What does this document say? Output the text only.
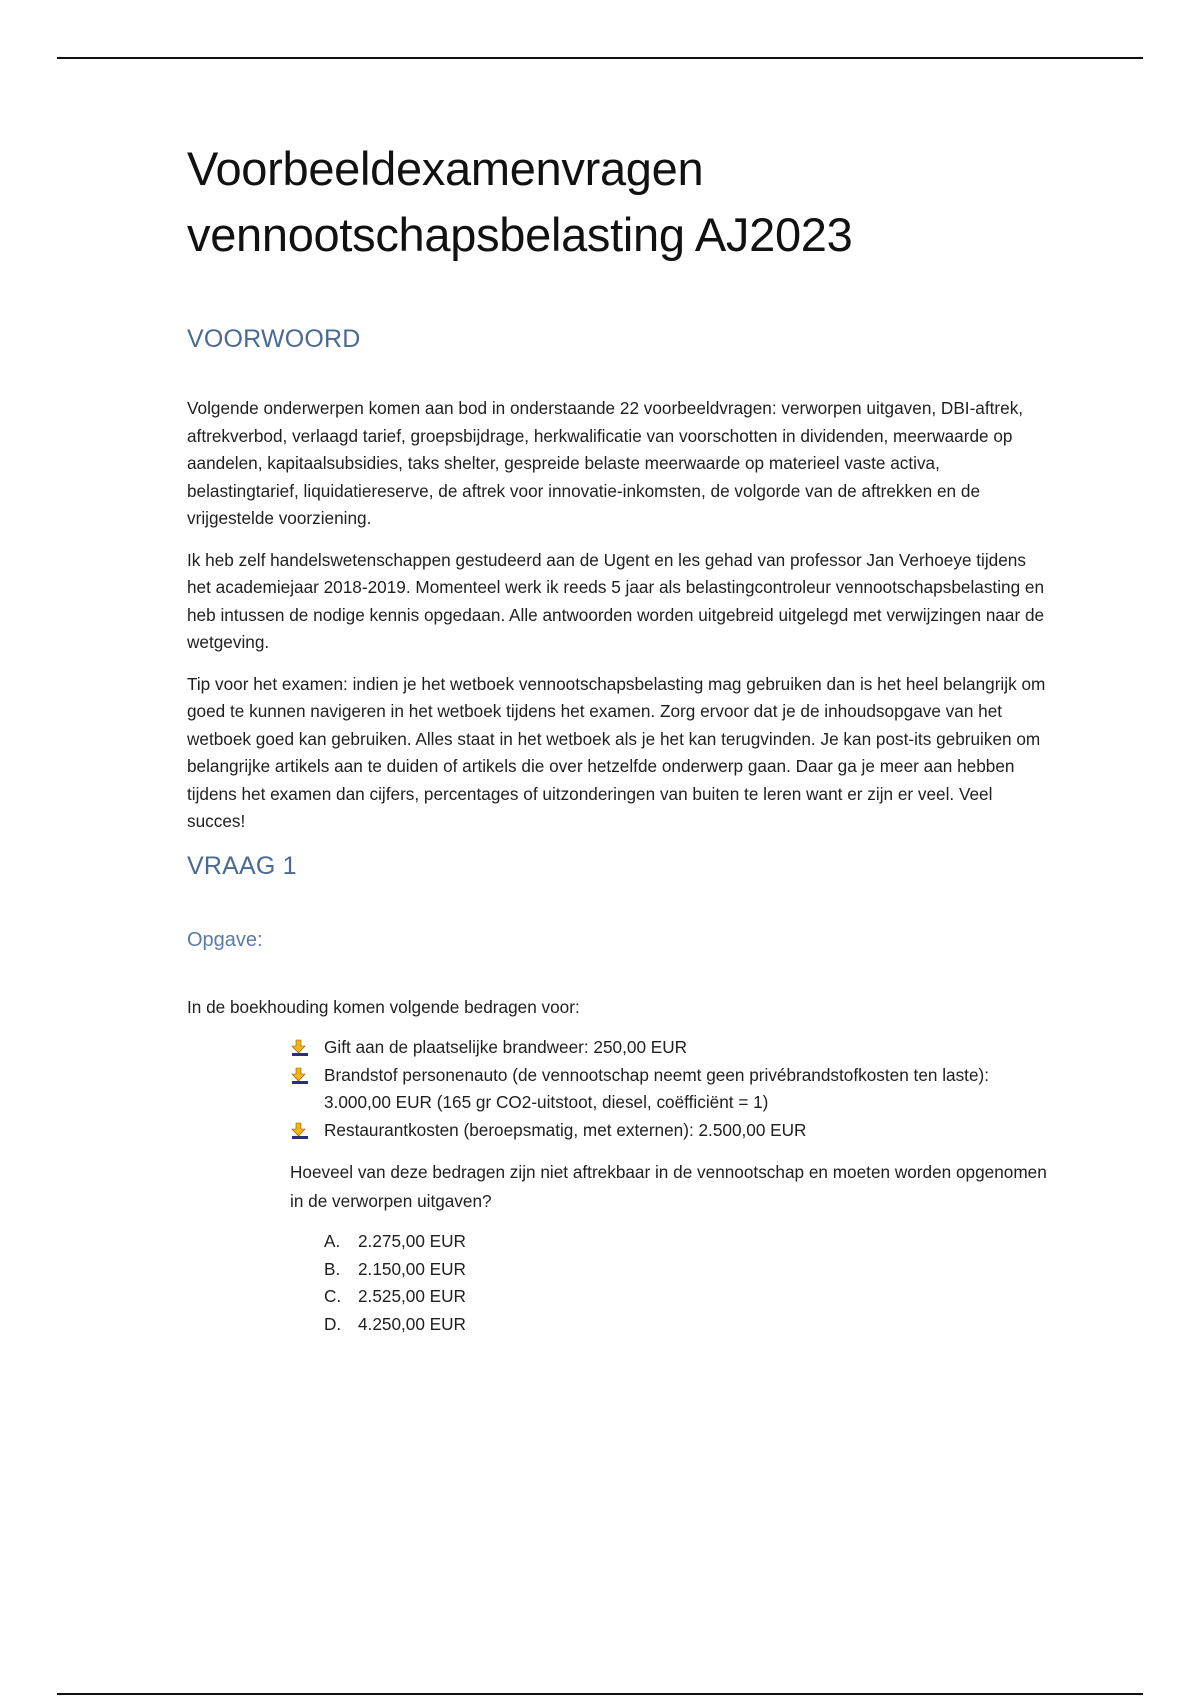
Voorbeeldexamenvragen
vennootschapsbelasting AJ2023
VOORWOORD

Volgende onderwerpen komen aan bod in onderstaande 22 voorbeeldvragen: verworpen uitgaven, DBI-aftrek, aftrekverbod, verlaagd tarief, groepsbijdrage, herkwalificatie van voorschotten in dividenden, meerwaarde op aandelen, kapitaalsubsidies, taks shelter, gespreide belaste meerwaarde op materieel vaste activa, belastingtarief, liquidatiereserve, de aftrek voor innovatie-inkomsten, de volgorde van de aftrekken en de vrijgestelde voorziening.

Ik heb zelf handelswetenschappen gestudeerd aan de Ugent en les gehad van professor Jan Verhoeye tijdens het academiejaar 2018-2019. Momenteel werk ik reeds 5 jaar als belastingcontroleur vennootschapsbelasting en heb intussen de nodige kennis opgedaan. Alle antwoorden worden uitgebreid uitgelegd met verwijzingen naar de wetgeving.

Tip voor het examen: indien je het wetboek vennootschapsbelasting mag gebruiken dan is het heel belangrijk om goed te kunnen navigeren in het wetboek tijdens het examen. Zorg ervoor dat je de inhoudsopgave van het wetboek goed kan gebruiken. Alles staat in het wetboek als je het kan terugvinden. Je kan post-its gebruiken om belangrijke artikels aan te duiden of artikels die over hetzelfde onderwerp gaan. Daar ga je meer aan hebben tijdens het examen dan cijfers, percentages of uitzonderingen van buiten te leren want er zijn er veel. Veel succes!

VRAAG 1
Opgave:

In de boekhouding komen volgende bedragen voor:

Gift aan de plaatselijke brandweer: 250,00 EUR
Brandstof personenauto (de vennootschap neemt geen privébrandstofkosten ten laste): 3.000,00 EUR (165 gr CO2-uitstoot, diesel, coëfficiënt = 1)
Restaurantkosten (beroepsmatig, met externen): 2.500,00 EUR

Hoeveel van deze bedragen zijn niet aftrekbaar in de vennootschap en moeten worden opgenomen in de verworpen uitgaven?

A.	2.275,00 EUR
B.	2.150,00 EUR
C. 2.525,00 EUR
D. 4.250,00 EUR
